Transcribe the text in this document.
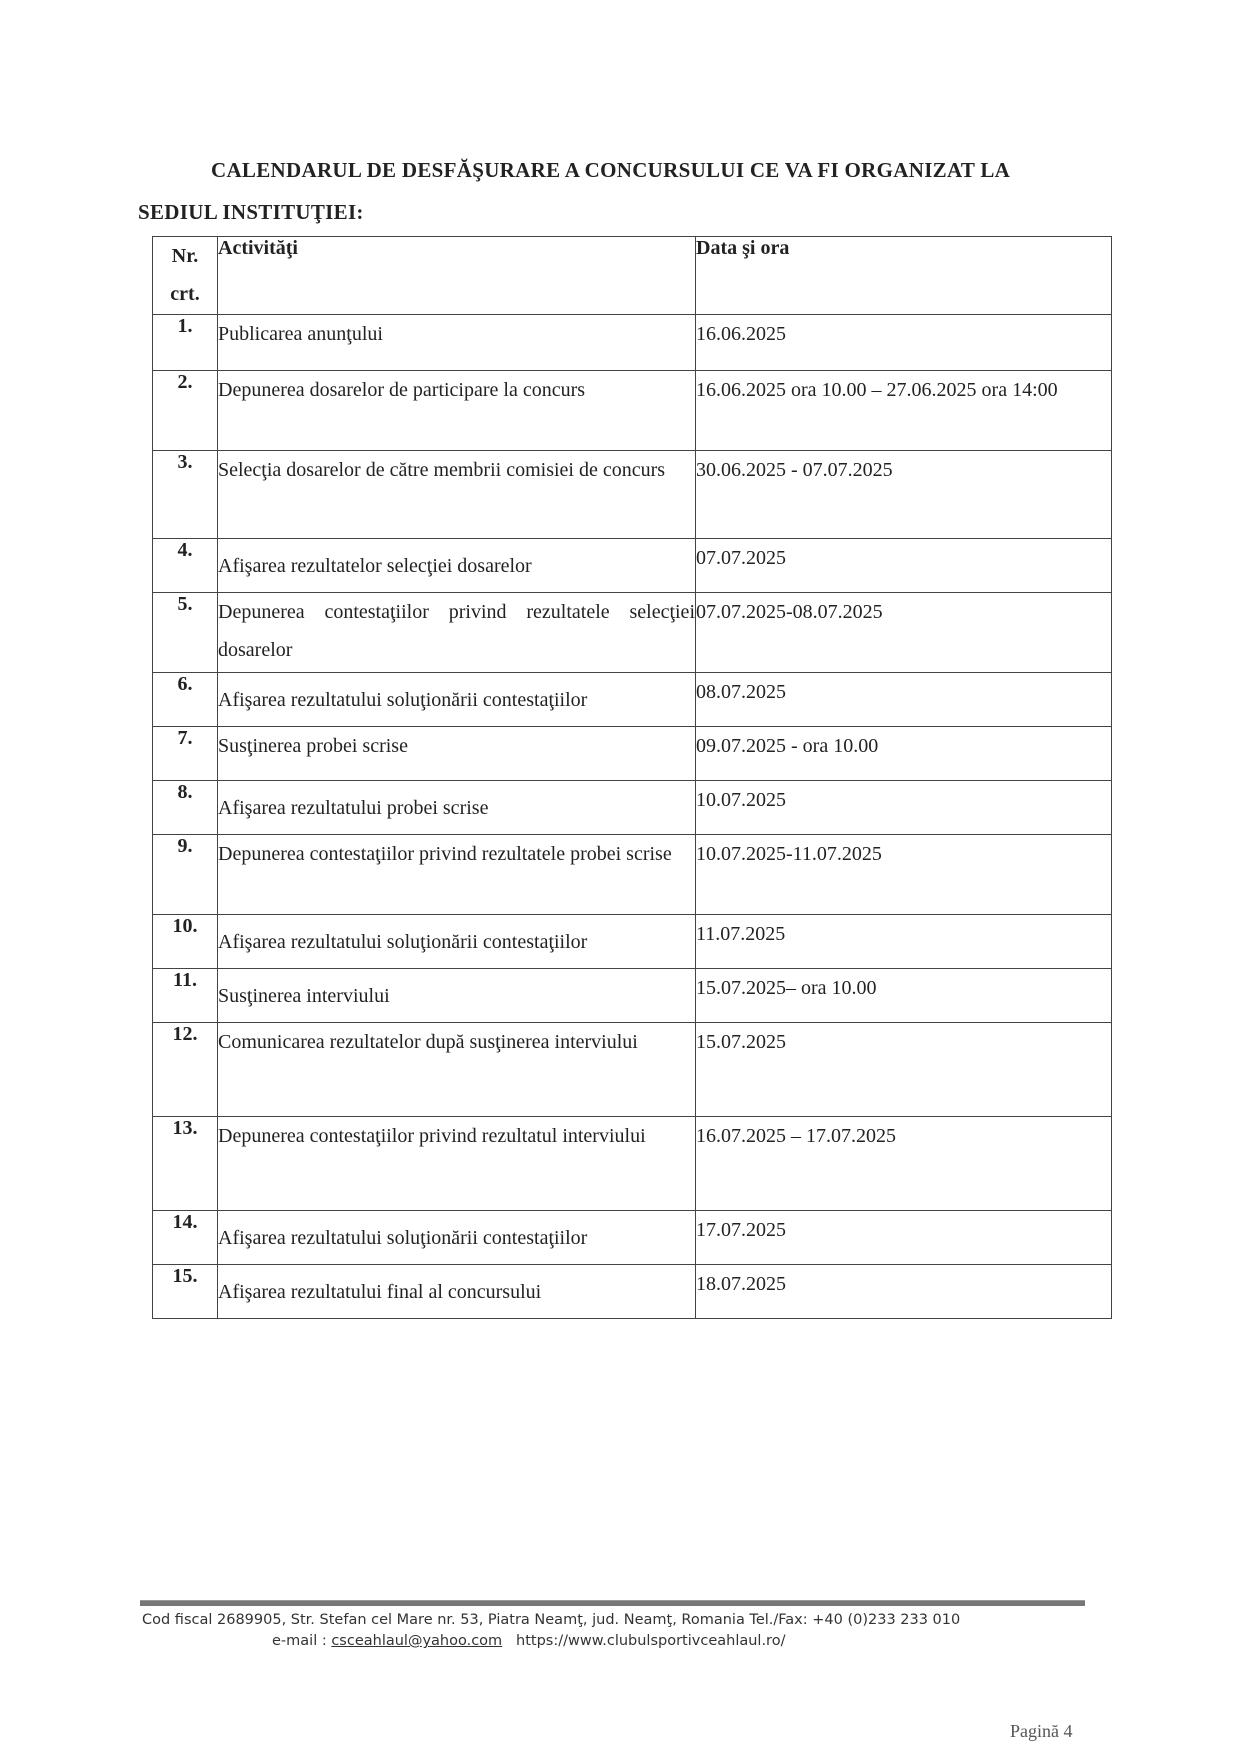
CALENDARUL DE DESFĂŞURARE A CONCURSULUI CE VA FI ORGANIZAT LA
SEDIUL INSTITUŢIEI:
Nr.
crt.	Activităţi	Data şi ora
1.	Publicarea anunţului	16.06.2025
2.	Depunerea dosarelor de participare la concurs	16.06.2025 ora 10.00 – 27.06.2025 ora 14:00
3.	Selecţia dosarelor de către membrii comisiei de concurs	30.06.2025 - 07.07.2025
4.	Afişarea rezultatelor selecţiei dosarelor	07.07.2025
5.	Depunerea contestaţiilor privind rezultatele selecţiei dosarelor	07.07.2025-08.07.2025
6.	Afişarea rezultatului soluţionării contestaţiilor	08.07.2025
7.	Susţinerea probei scrise	09.07.2025 - ora 10.00
8.	Afişarea rezultatului probei scrise	10.07.2025
9.	Depunerea contestaţiilor privind rezultatele probei scrise	10.07.2025-11.07.2025
10.	Afişarea rezultatului soluţionării contestaţiilor	11.07.2025
11.	Susţinerea interviului	15.07.2025– ora 10.00
12.	Comunicarea rezultatelor după susţinerea interviului	15.07.2025
13.	Depunerea contestaţiilor privind rezultatul interviului	16.07.2025 – 17.07.2025
14.	Afişarea rezultatului soluţionării contestaţiilor	17.07.2025
15.	Afişarea rezultatului final al concursului	18.07.2025
Cod fiscal 2689905, Str. Stefan cel Mare nr. 53, Piatra Neamţ, jud. Neamţ, Romania Tel./Fax: +40 (0)233 233 010
e-mail : csceahlaul@yahoo.com https://www.clubulsportivceahlaul.ro/
Pagină 4
